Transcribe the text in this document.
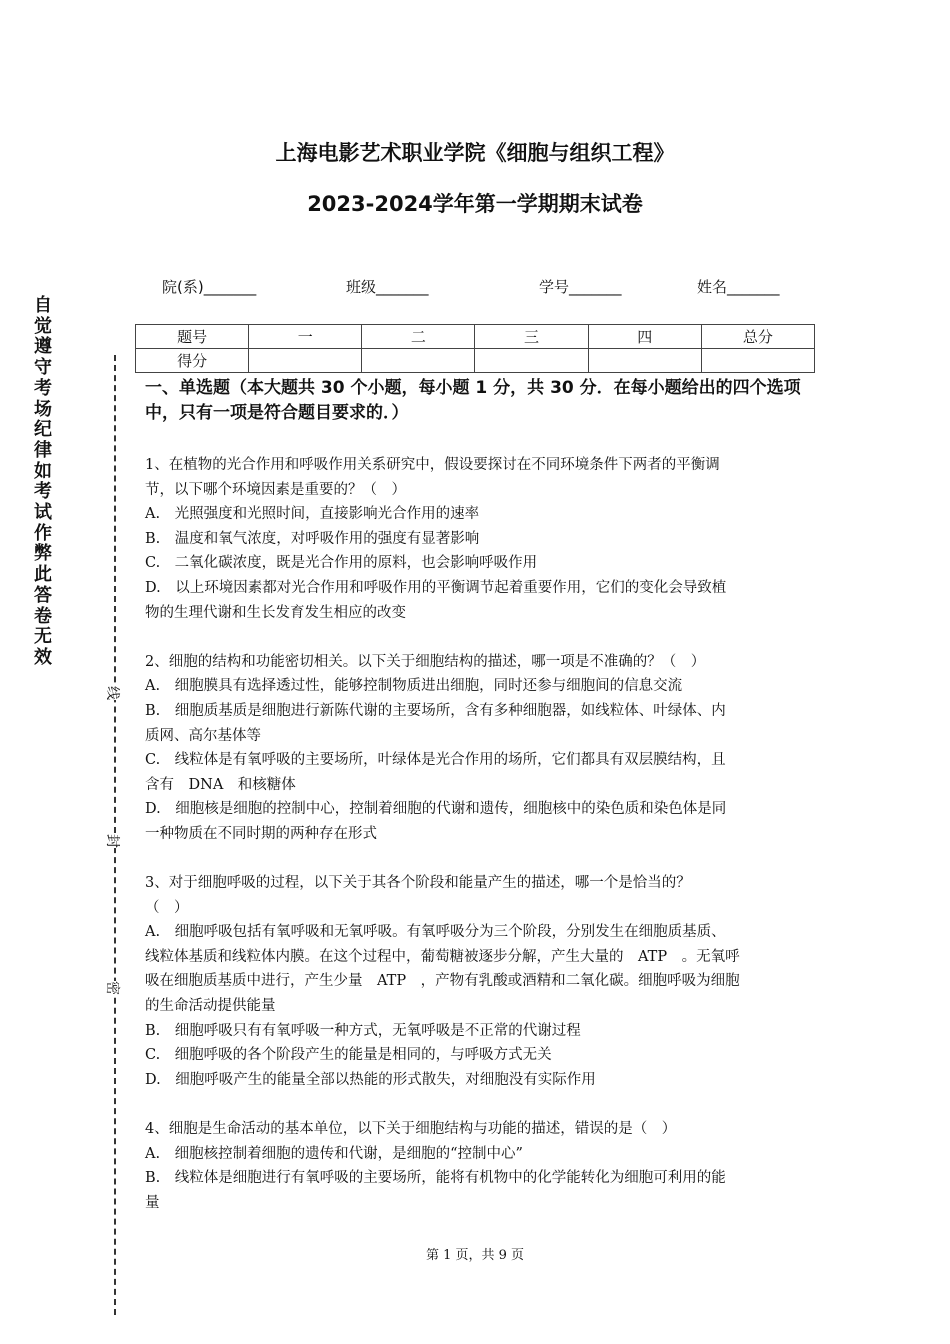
上海电影艺术职业学院《细胞与组织工程》
2023-2024学年第一学期期末试卷
院(系)_______	班级_______	学号_______	姓名_______
题号	一	二	三	四	总分
得分					
一、单选题（本大题共 30 个小题，每小题 1 分，共 30 分．在每小题给出的四个选项中，只有一项是符合题目要求的．）
1、在植物的光合作用和呼吸作用关系研究中，假设要探讨在不同环境条件下两者的平衡调
节，以下哪个环境因素是重要的？（　）
A.　光照强度和光照时间，直接影响光合作用的速率
B.　温度和氧气浓度，对呼吸作用的强度有显著影响
C.　二氧化碳浓度，既是光合作用的原料，也会影响呼吸作用
D.　以上环境因素都对光合作用和呼吸作用的平衡调节起着重要作用，它们的变化会导致植
物的生理代谢和生长发育发生相应的改变
2、细胞的结构和功能密切相关。以下关于细胞结构的描述，哪一项是不准确的？（　）
A.　细胞膜具有选择透过性，能够控制物质进出细胞，同时还参与细胞间的信息交流
B.　细胞质基质是细胞进行新陈代谢的主要场所，含有多种细胞器，如线粒体、叶绿体、内
质网、高尔基体等
C.　线粒体是有氧呼吸的主要场所，叶绿体是光合作用的场所，它们都具有双层膜结构，且
含有　DNA　和核糖体
D.　细胞核是细胞的控制中心，控制着细胞的代谢和遗传，细胞核中的染色质和染色体是同
一种物质在不同时期的两种存在形式
3、对于细胞呼吸的过程，以下关于其各个阶段和能量产生的描述，哪一个是恰当的？
（　）
A.　细胞呼吸包括有氧呼吸和无氧呼吸。有氧呼吸分为三个阶段，分别发生在细胞质基质、
线粒体基质和线粒体内膜。在这个过程中，葡萄糖被逐步分解，产生大量的　ATP　。无氧呼
吸在细胞质基质中进行，产生少量　ATP　，产物有乳酸或酒精和二氧化碳。细胞呼吸为细胞
的生命活动提供能量
B.　细胞呼吸只有有氧呼吸一种方式，无氧呼吸是不正常的代谢过程
C.　细胞呼吸的各个阶段产生的能量是相同的，与呼吸方式无关
D.　细胞呼吸产生的能量全部以热能的形式散失，对细胞没有实际作用
4、细胞是生命活动的基本单位，以下关于细胞结构与功能的描述，错误的是（　）
A.　细胞核控制着细胞的遗传和代谢，是细胞的“控制中心”
B.　线粒体是细胞进行有氧呼吸的主要场所，能将有机物中的化学能转化为细胞可利用的能
量
自觉遵守考场纪律如考试作弊此答卷无效
线
封
密
第 1 页，共 9 页
